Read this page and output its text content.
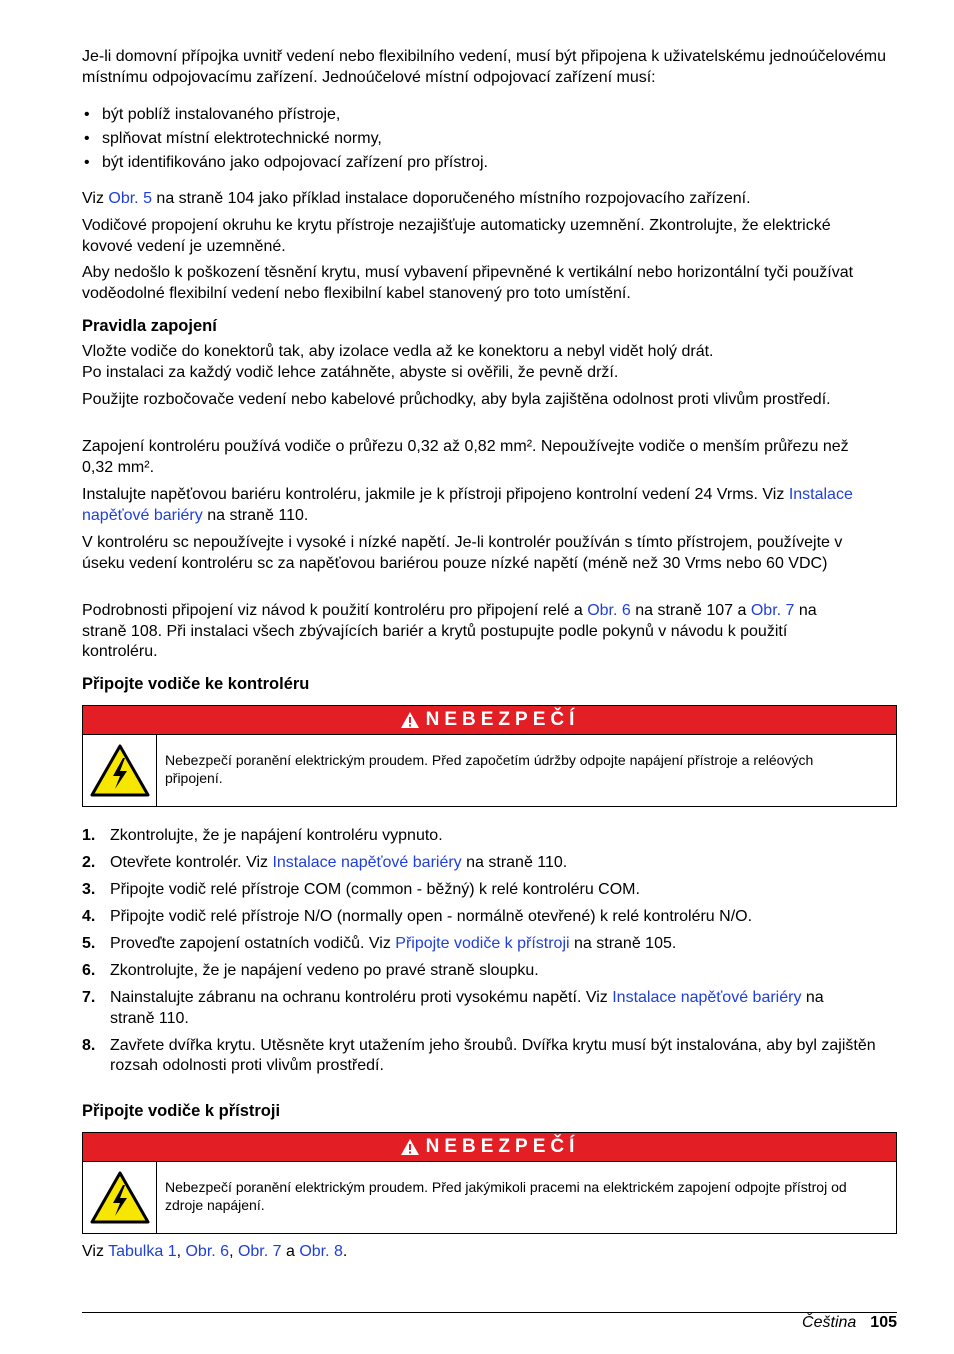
Je-li domovní přípojka uvnitř vedení nebo flexibilního vedení, musí být připojena k uživatelskému jednoúčelovému místnímu odpojovacímu zařízení. Jednoúčelové místní odpojovací zařízení musí:

• být poblíž instalovaného přístroje,
• splňovat místní elektrotechnické normy,
• být identifikováno jako odpojovací zařízení pro přístroj.

Viz Obr. 5 na straně 104 jako příklad instalace doporučeného místního rozpojovacího zařízení.

Vodičové propojení okruhu ke krytu přístroje nezajišťuje automaticky uzemnění. Zkontrolujte, že elektrické kovové vedení je uzemněné.

Aby nedošlo k poškození těsnění krytu, musí vybavení připevněné k vertikální nebo horizontální tyči používat voděodolné flexibilní vedení nebo flexibilní kabel stanovený pro toto umístění.

Pravidla zapojení

Vložte vodiče do konektorů tak, aby izolace vedla až ke konektoru a nebyl vidět holý drát.
Po instalaci za každý vodič lehce zatáhněte, abyste si ověřili, že pevně drží.

Použijte rozbočovače vedení nebo kabelové průchodky, aby byla zajištěna odolnost proti vlivům prostředí.

Zapojení kontroléru používá vodiče o průřezu 0,32 až 0,82 mm². Nepoužívejte vodiče o menším průřezu než 0,32 mm².

Instalujte napěťovou bariéru kontroléru, jakmile je k přístroji připojeno kontrolní vedení 24 Vrms. Viz Instalace napěťové bariéry na straně 110.

V kontroléru sc nepoužívejte i vysoké i nízké napětí. Je-li kontrolér používán s tímto přístrojem, používejte v úseku vedení kontroléru sc za napěťovou bariérou pouze nízké napětí (méně než 30 Vrms nebo 60 VDC)

Podrobnosti připojení viz návod k použití kontroléru pro připojení relé a Obr. 6 na straně 107 a Obr. 7 na straně 108. Při instalaci všech zbývajících bariér a krytů postupujte podle pokynů v návodu k použití kontroléru.

Připojte vodiče ke kontroléru
NEBEZPEČÍ
Nebezpečí poranění elektrickým proudem. Před započetím údržby odpojte napájení přístroje a reléových připojení.
1. Zkontrolujte, že je napájení kontroléru vypnuto.
2. Otevřete kontrolér. Viz Instalace napěťové bariéry na straně 110.
3. Připojte vodič relé přístroje COM (common - běžný) k relé kontroléru COM.
4. Připojte vodič relé přístroje N/O (normally open - normálně otevřené) k relé kontroléru N/O.
5. Proveďte zapojení ostatních vodičů. Viz Připojte vodiče k přístroji na straně 105.
6. Zkontrolujte, že je napájení vedeno po pravé straně sloupku.
7. Nainstalujte zábranu na ochranu kontroléru proti vysokému napětí. Viz Instalace napěťové bariéry na straně 110.
8. Zavřete dvířka krytu. Utěsněte kryt utažením jeho šroubů. Dvířka krytu musí být instalována, aby byl zajištěn rozsah odolnosti proti vlivům prostředí.
Připojte vodiče k přístroji
NEBEZPEČÍ
Nebezpečí poranění elektrickým proudem. Před jakýmikoli pracemi na elektrickém zapojení odpojte přístroj od zdroje napájení.

Viz Tabulka 1, Obr. 6, Obr. 7 a Obr. 8.

Čeština 105
